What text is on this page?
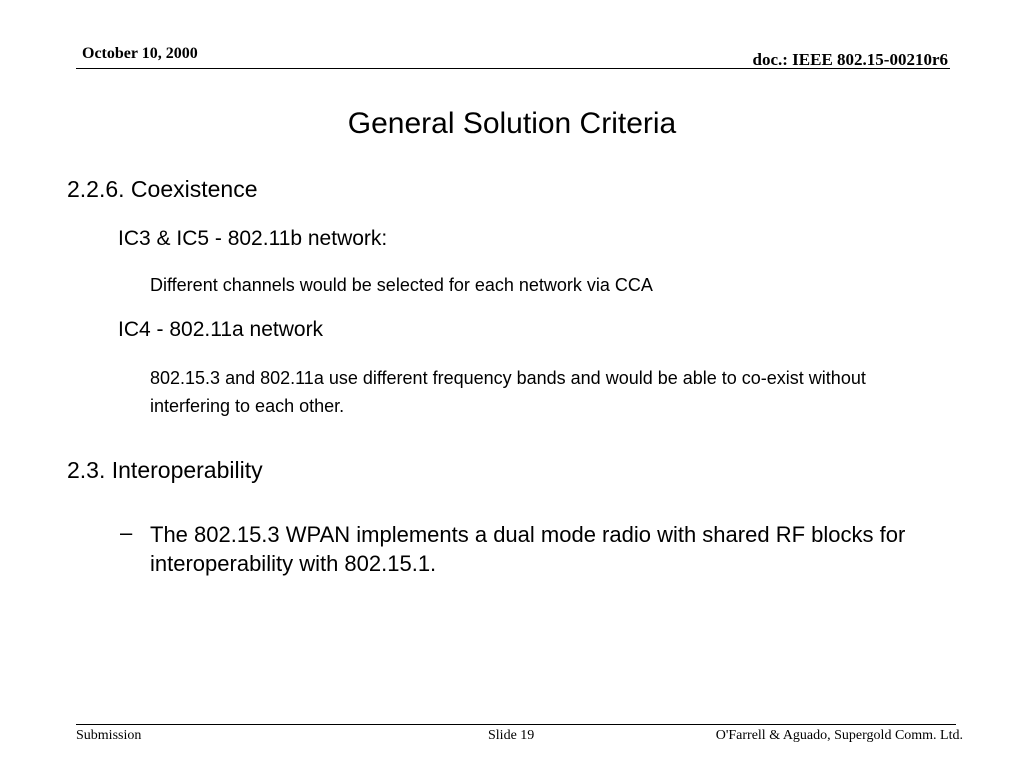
October 10, 2000	doc.: IEEE 802.15-00210r6
General Solution Criteria
2.2.6. Coexistence
IC3 & IC5 - 802.11b network:
Different channels would be selected for each network via CCA
IC4 - 802.11a network
802.15.3 and 802.11a use different frequency bands and would be able to co-exist without interfering to each other.
2.3. Interoperability
– The 802.15.3 WPAN implements a dual mode radio with shared RF blocks for interoperability with 802.15.1.
Submission	Slide 19	O'Farrell & Aguado, Supergold Comm. Ltd.
